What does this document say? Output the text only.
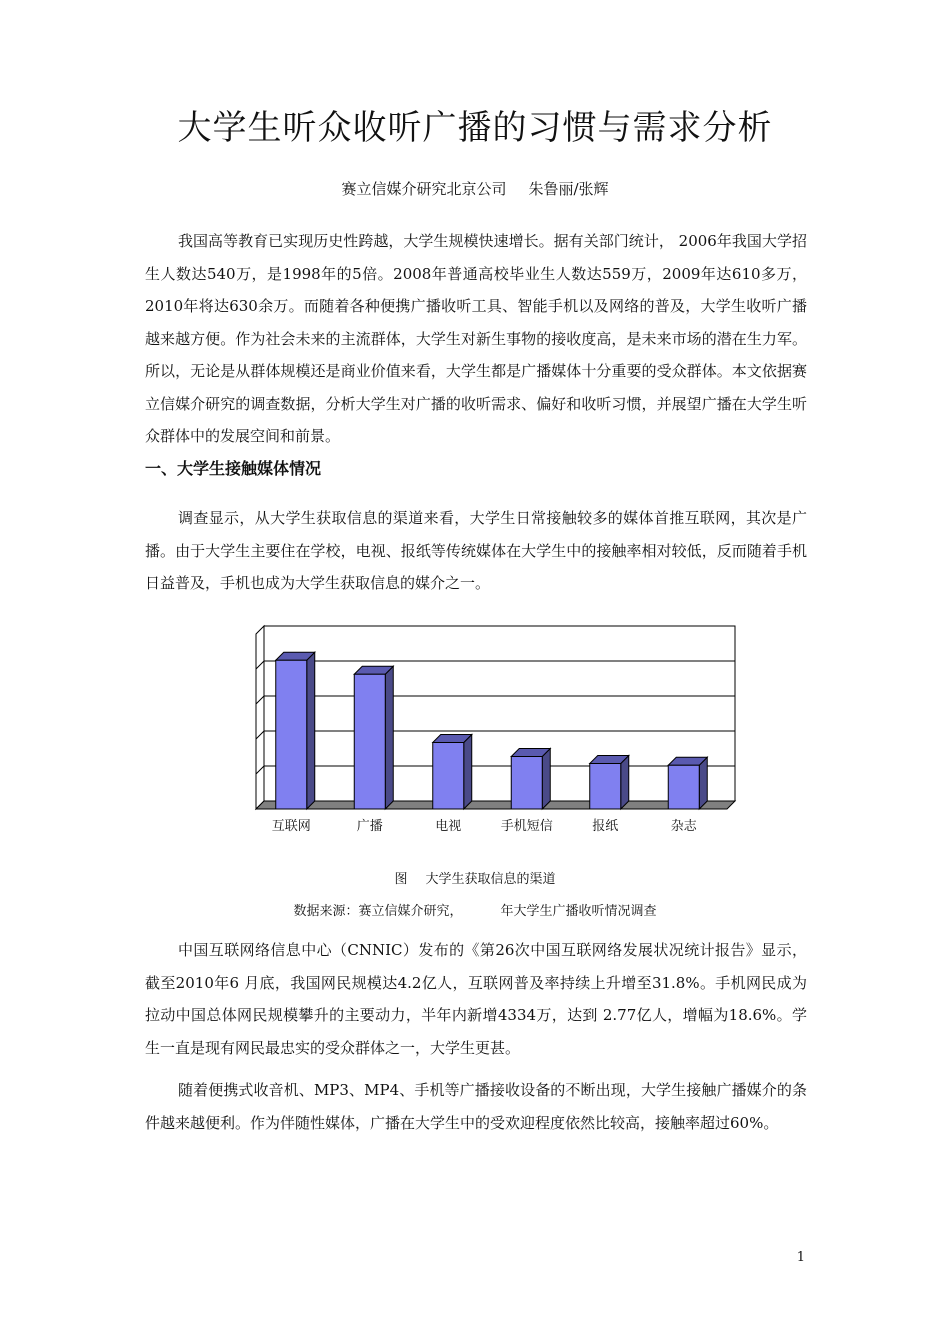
大学生听众收听广播的习惯与需求分析
赛立信媒介研究北京公司 朱鲁丽/张辉

我国高等教育已实现历史性跨越，大学生规模快速增长。据有关部门统计， 2006年我国大学招生人数达540万，是1998年的5倍。2008年普通高校毕业生人数达559万，2009年达610多万， 2010年将达630余万。而随着各种便携广播收听工具、智能手机以及网络的普及，大学生收听广播越来越方便。作为社会未来的主流群体，大学生对新生事物的接收度高，是未来市场的潜在生力军。所以，无论是从群体规模还是商业价值来看，大学生都是广播媒体十分重要的受众群体。本文依据赛立信媒介研究的调查数据，分析大学生对广播的收听需求、偏好和收听习惯，并展望广播在大学生听众群体中的发展空间和前景。

一、大学生接触媒体情况

调查显示，从大学生获取信息的渠道来看，大学生日常接触较多的媒体首推互联网，其次是广播。由于大学生主要住在学校，电视、报纸等传统媒体在大学生中的接触率相对较低，反而随着手机日益普及，手机也成为大学生获取信息的媒介之一。

互联网	广播	电视	手机短信	报纸	杂志
图 大学生获取信息的渠道
数据来源：赛立信媒介研究，	年大学生广播收听情况调查

中国互联网络信息中心（CNNIC）发布的《第26次中国互联网络发展状况统计报告》显示，截至2010年6 月底，我国网民规模达4.2亿人，互联网普及率持续上升增至31.8%。手机网民成为拉动中国总体网民规模攀升的主要动力，半年内新增4334万，达到 2.77亿人，增幅为18.6%。学生一直是现有网民最忠实的受众群体之一，大学生更甚。

随着便携式收音机、MP3、MP4、手机等广播接收设备的不断出现，大学生接触广播媒介的条件越来越便利。作为伴随性媒体，广播在大学生中的受欢迎程度依然比较高，接触率超过60%。

1
